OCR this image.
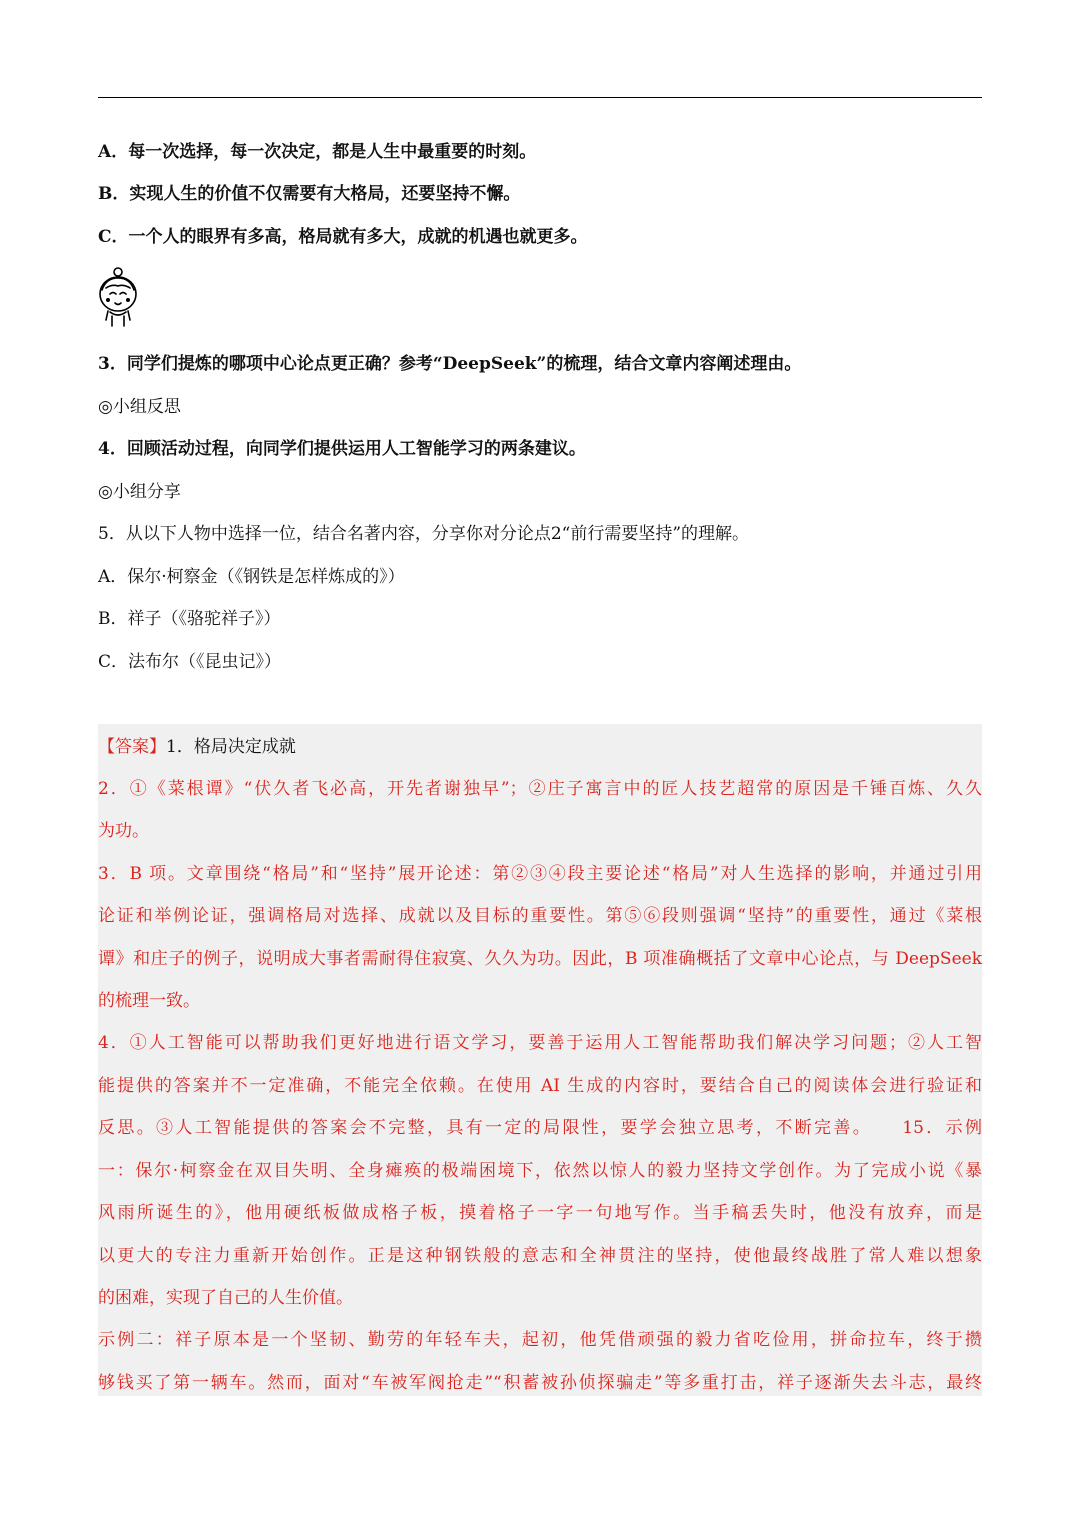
A．每一次选择，每一次决定，都是人生中最重要的时刻。
B．实现人生的价值不仅需要有大格局，还要坚持不懈。
C．一个人的眼界有多高，格局就有多大，成就的机遇也就更多。
3．同学们提炼的哪项中心论点更正确？参考“DeepSeek”的梳理，结合文章内容阐述理由。
◎小组反思
4．回顾活动过程，向同学们提供运用人工智能学习的两条建议。
◎小组分享
5．从以下人物中选择一位，结合名著内容，分享你对分论点2“前行需要坚持”的理解。
A．保尔·柯察金（《钢铁是怎样炼成的》）
B．祥子（《骆驼祥子》）
C．法布尔（《昆虫记》）
【答案】1．格局决定成就
2．①《菜根谭》“伏久者飞必高，开先者谢独早”；②庄子寓言中的匠人技艺超常的原因是千锤百炼、久久
为功。
3．B 项。文章围绕“格局”和“坚持”展开论述：第②③④段主要论述“格局”对人生选择的影响，并通过引用
论证和举例论证，强调格局对选择、成就以及目标的重要性。第⑤⑥段则强调“坚持”的重要性，通过《菜根
谭》和庄子的例子，说明成大事者需耐得住寂寞、久久为功。因此，B 项准确概括了文章中心论点，与 DeepSeek
的梳理一致。
4．①人工智能可以帮助我们更好地进行语文学习，要善于运用人工智能帮助我们解决学习问题；②人工智
能提供的答案并不一定准确，不能完全依赖。在使用 AI 生成的内容时，要结合自己的阅读体会进行验证和
反思。③人工智能提供的答案会不完整，具有一定的局限性，要学会独立思考，不断完善。　　15．示例
一：保尔·柯察金在双目失明、全身瘫痪的极端困境下，依然以惊人的毅力坚持文学创作。为了完成小说《暴
风雨所诞生的》，他用硬纸板做成格子板，摸着格子一字一句地写作。当手稿丢失时，他没有放弃，而是
以更大的专注力重新开始创作。正是这种钢铁般的意志和全神贯注的坚持，使他最终战胜了常人难以想象
的困难，实现了自己的人生价值。
示例二：祥子原本是一个坚韧、勤劳的年轻车夫，起初，他凭借顽强的毅力省吃俭用，拼命拉车，终于攒
够钱买了第一辆车。然而，面对“车被军阀抢走”“积蓄被孙侦探骗走”等多重打击，祥子逐渐失去斗志，最终
